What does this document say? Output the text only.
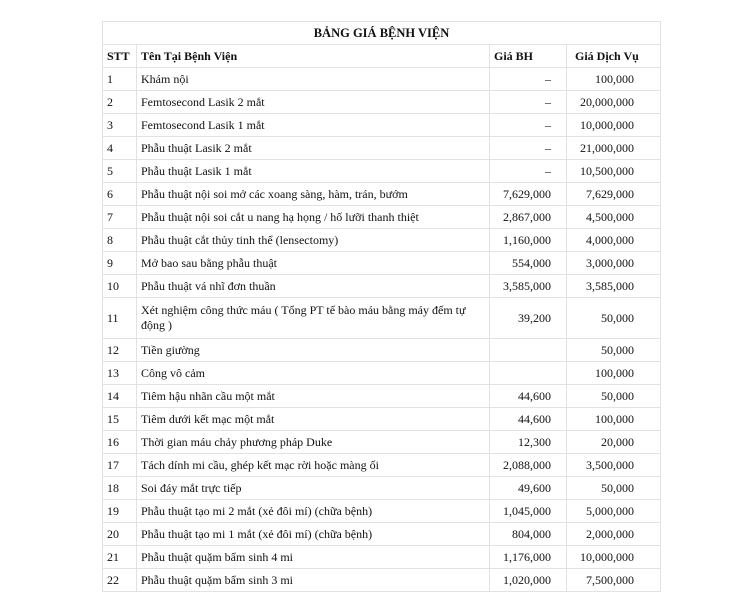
BẢNG GIÁ BỆNH VIỆN			
STT	Tên Tại Bệnh Viện	Giá BH	Giá Dịch Vụ
1	Khám nội	–	100,000
2	Femtosecond Lasik 2 mắt	–	20,000,000
3	Femtosecond Lasik 1 mắt	–	10,000,000
4	Phẫu thuật Lasik 2 mắt	–	21,000,000
5	Phẫu thuật Lasik 1 mắt	–	10,500,000
6	Phẫu thuật nội soi mở các xoang sàng, hàm, trán, bướm	7,629,000	7,629,000
7	Phẫu thuật nội soi cắt u nang hạ họng / hố lưỡi thanh thiệt	2,867,000	4,500,000
8	Phẫu thuật cắt thủy tinh thể (lensectomy)	1,160,000	4,000,000
9	Mở bao sau bằng phẫu thuật	554,000	3,000,000
10	Phẫu thuật vá nhĩ đơn thuần	3,585,000	3,585,000
11	Xét nghiệm công thức máu ( Tổng PT tế bào máu bằng máy đếm tự động )	39,200	50,000
12	Tiền giường		50,000
13	Công vô cảm		100,000
14	Tiêm hậu nhãn cầu một mắt	44,600	50,000
15	Tiêm dưới kết mạc một mắt	44,600	100,000
16	Thời gian máu chảy phương pháp Duke	12,300	20,000
17	Tách dính mi cầu, ghép kết mạc rời hoặc màng ối	2,088,000	3,500,000
18	Soi đáy mắt trực tiếp	49,600	50,000
19	Phẫu thuật tạo mi 2 mắt (xẻ đôi mí) (chữa bệnh)	1,045,000	5,000,000
20	Phẫu thuật tạo mi 1 mắt (xẻ đôi mí) (chữa bệnh)	804,000	2,000,000
21	Phẫu thuật quặm bẩm sinh 4 mi	1,176,000	10,000,000
22	Phẫu thuật quặm bẩm sinh 3 mi	1,020,000	7,500,000
